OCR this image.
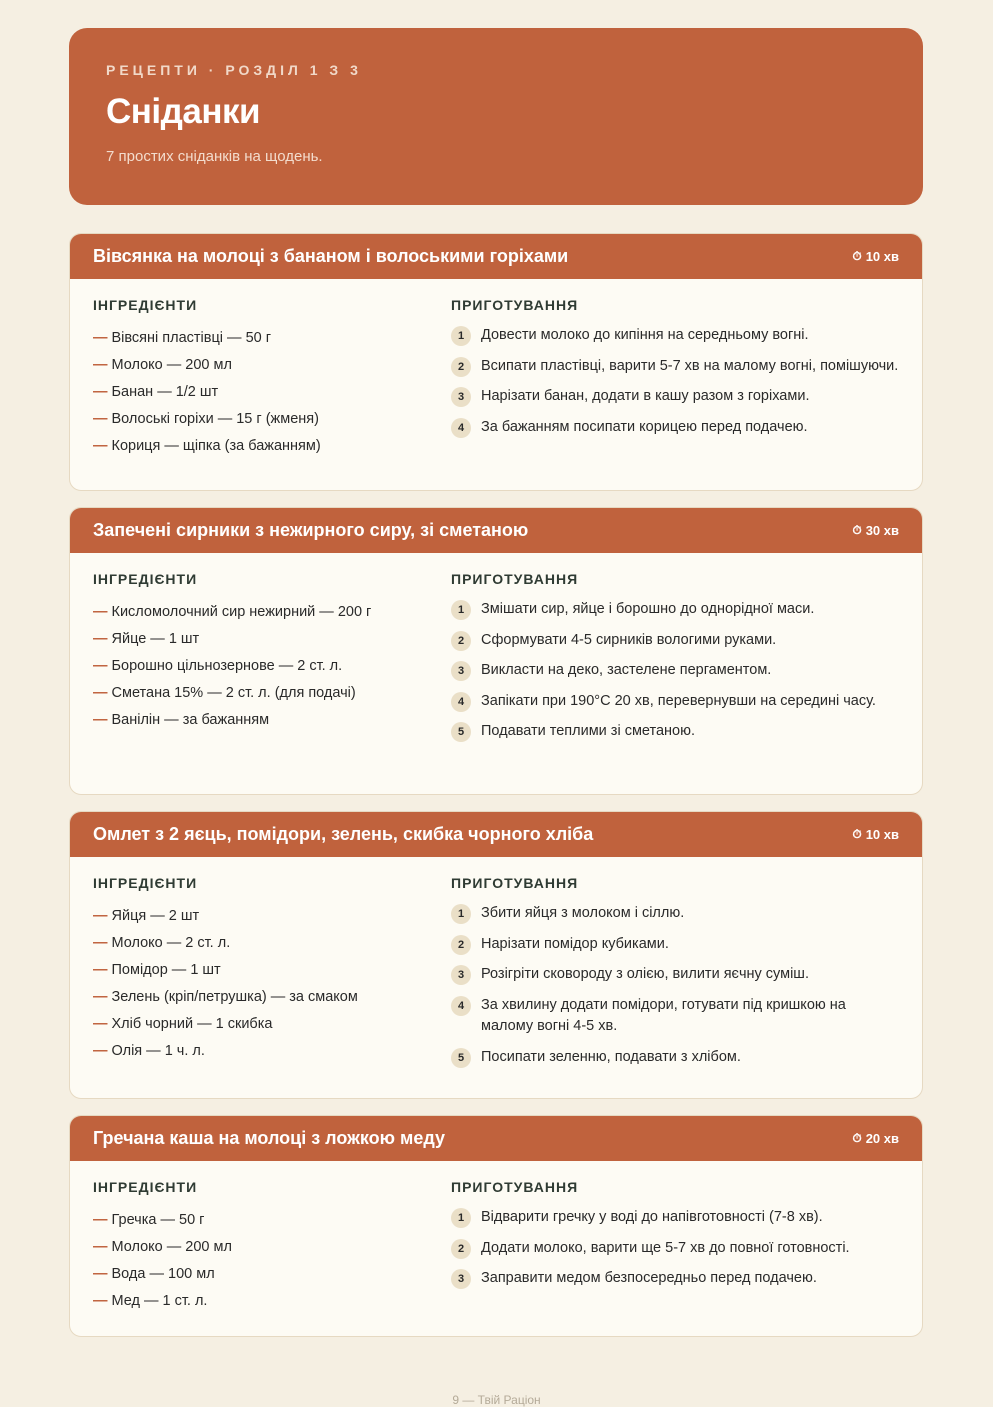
РЕЦЕПТИ · РОЗДІЛ 1 З 3
Сніданки
7 простих сніданків на щодень.
Вівсянка на молоці з бананом і волоськими горіхами	⏱ 10 хв
ІНГРЕДІЄНТИ
— Вівсяні пластівці — 50 г
— Молоко — 200 мл
— Банан — 1/2 шт
— Волоські горіхи — 15 г (жменя)
— Кориця — щіпка (за бажанням)
ПРИГОТУВАННЯ
1	Довести молоко до кипіння на середньому вогні.
2	Всипати пластівці, варити 5-7 хв на малому вогні, помішуючи.
3	Нарізати банан, додати в кашу разом з горіхами.
4	За бажанням посипати корицею перед подачею.
Запечені сирники з нежирного сиру, зі сметаною	⏱ 30 хв
ІНГРЕДІЄНТИ
— Кисломолочний сир нежирний — 200 г
— Яйце — 1 шт
— Борошно цільнозернове — 2 ст. л.
— Сметана 15% — 2 ст. л. (для подачі)
— Ванілін — за бажанням
ПРИГОТУВАННЯ
1	Змішати сир, яйце і борошно до однорідної маси.
2	Сформувати 4-5 сирників вологими руками.
3	Викласти на деко, застелене пергаментом.
4	Запікати при 190°C 20 хв, перевернувши на середині часу.
5	Подавати теплими зі сметаною.
Омлет з 2 яєць, помідори, зелень, скибка чорного хліба	⏱ 10 хв
ІНГРЕДІЄНТИ
— Яйця — 2 шт
— Молоко — 2 ст. л.
— Помідор — 1 шт
— Зелень (кріп/петрушка) — за смаком
— Хліб чорний — 1 скибка
— Олія — 1 ч. л.
ПРИГОТУВАННЯ
1	Збити яйця з молоком і сіллю.
2	Нарізати помідор кубиками.
3	Розігріти сковороду з олією, вилити яєчну суміш.
4	За хвилину додати помідори, готувати під кришкою на малому вогні 4-5 хв.
5	Посипати зеленню, подавати з хлібом.
Гречана каша на молоці з ложкою меду	⏱ 20 хв
ІНГРЕДІЄНТИ
— Гречка — 50 г
— Молоко — 200 мл
— Вода — 100 мл
— Мед — 1 ст. л.
ПРИГОТУВАННЯ
1	Відварити гречку у воді до напівготовності (7-8 хв).
2	Додати молоко, варити ще 5-7 хв до повної готовності.
3	Заправити медом безпосередньо перед подачею.
9 — Твій Раціон
